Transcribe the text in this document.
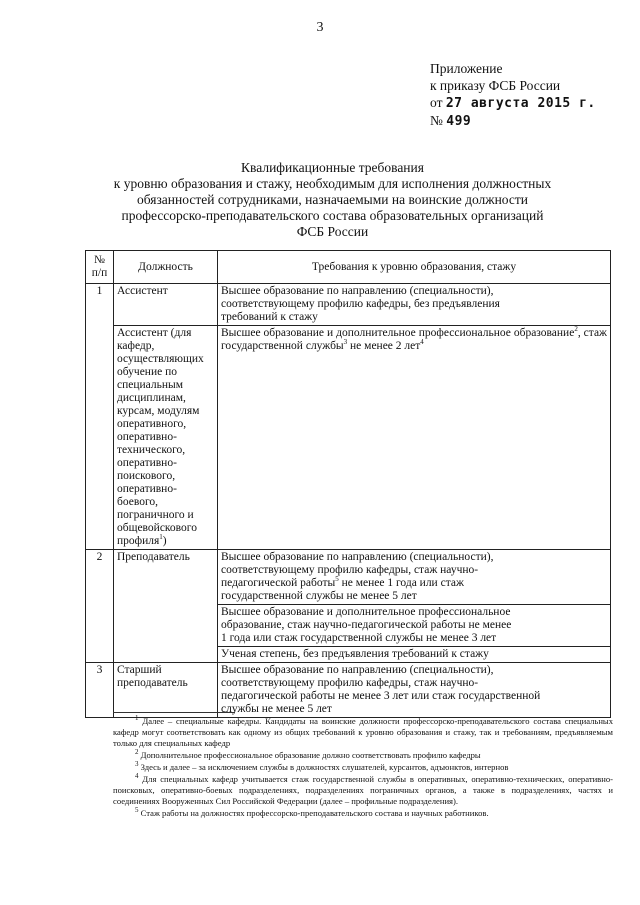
3
Приложение
к приказу ФСБ России
от 27 августа 2015 г.
№ 499
Квалификационные требования
к уровню образования и стажу, необходимым для исполнения должностных
обязанностей сотрудниками, назначаемыми на воинские должности
профессорско-преподавательского состава образовательных организаций
ФСБ России
№
п/п	Должность	Требования к уровню образования, стажу
1	Ассистент	Высшее образование по направлению (специальности),
соответствующему профилю кафедры, без предъявления
требований к стажу

	Ассистент (для кафедр, осуществляющих обучение по специальным дисциплинам, курсам, модулям оперативного, оперативно-технического, оперативно-поискового, оперативно-боевого, пограничного и общевойскового профиля$^1$)	Высшее образование и дополнительное профессиональное образование$^2$, стаж государственной службы$^3$ не менее 2 лет$^4$
2	Преподаватель	Высшее образование по направлению (специальности),
соответствующему профилю кафедры, стаж научно-
педагогической работы$^5$ не менее 1 года или стаж
государственной службы не менее 5 лет

		Высшее образование и дополнительное профессиональное
образование, стаж научно-педагогической работы не менее
1 года или стаж государственной службы не менее 3 лет

		Ученая степень, без предъявления требований к стажу
3	Старший преподаватель	Высшее образование по направлению (специальности),
соответствующему профилю кафедры, стаж научно-
педагогической работы не менее 3 лет или стаж государственной
службы не менее 5 лет

$^1$ Далее – специальные кафедры. Кандидаты на воинские должности профессорско-преподавательского состава специальных кафедр могут соответствовать как одному из общих требований к уровню образования и стажу, так и требованиям, предъявляемым только для специальных кафедр

$^2$ Дополнительное профессиональное образование должно соответствовать профилю кафедры

$^3$ Здесь и далее – за исключением службы в должностях слушателей, курсантов, адъюнктов, интернов

$^4$ Для специальных кафедр учитывается стаж государственной службы в оперативных, оперативно-технических, оперативно-поисковых, оперативно-боевых подразделениях, подразделениях пограничных органов, а также в подразделениях, частях и соединениях Вооруженных Сил Российской Федерации (далее – профильные подразделения).

$^5$ Стаж работы на должностях профессорско-преподавательского состава и научных работников.
